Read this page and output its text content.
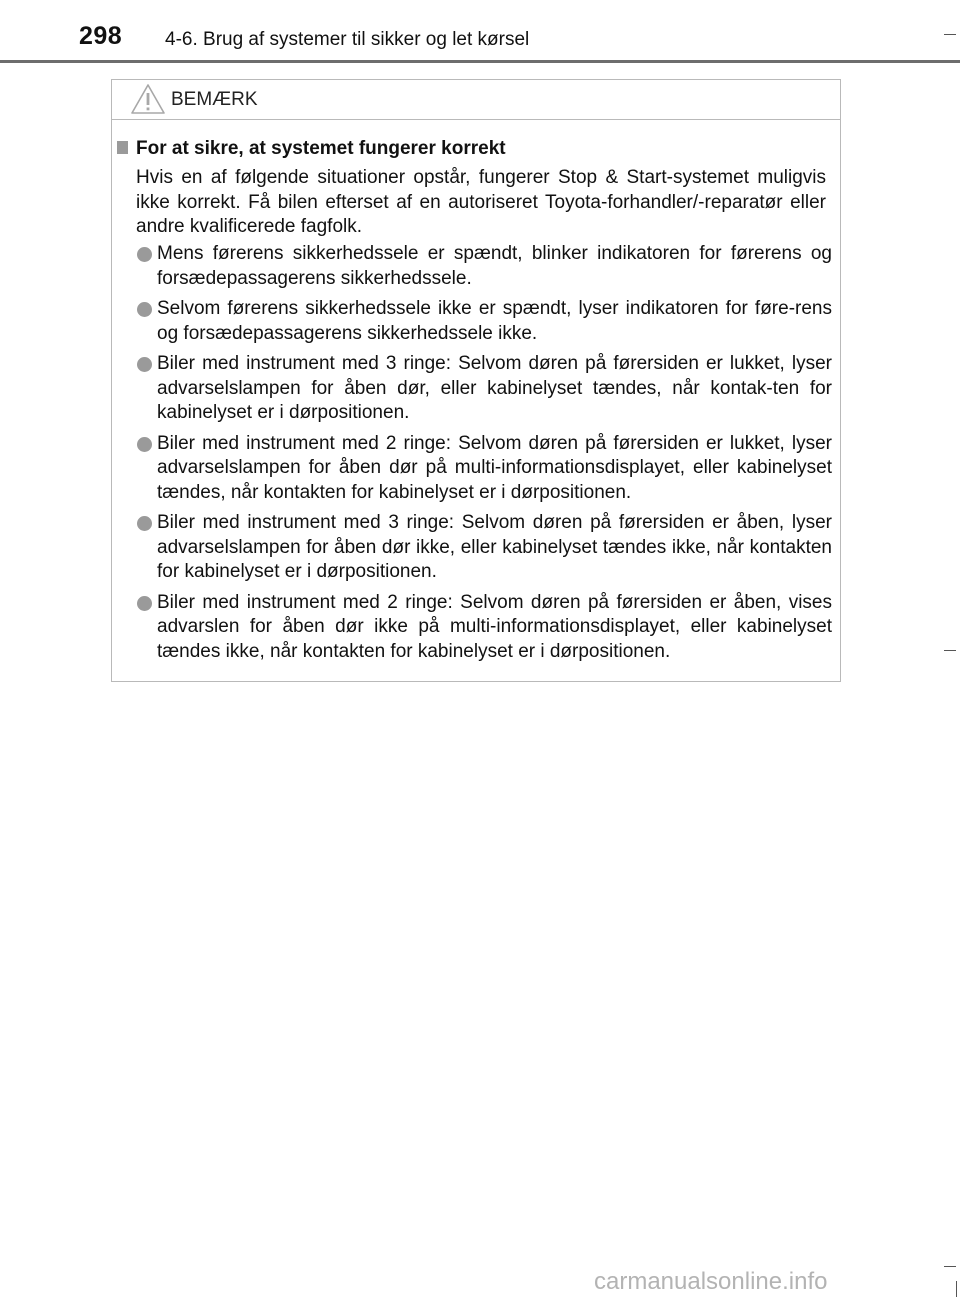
298 4-6. Brug af systemer til sikker og let kørsel
BEMÆRK
For at sikre, at systemet fungerer korrekt
Hvis en af følgende situationer opstår, fungerer Stop & Start-systemet muligvis ikke korrekt. Få bilen efterset af en autoriseret Toyota-forhandler/-reparatør eller andre kvalificerede fagfolk.
Mens førerens sikkerhedssele er spændt, blinker indikatoren for førerens og forsædepassagerens sikkerhedssele.
Selvom førerens sikkerhedssele ikke er spændt, lyser indikatoren for føre-rens og forsædepassagerens sikkerhedssele ikke.
Biler med instrument med 3 ringe: Selvom døren på førersiden er lukket, lyser advarselslampen for åben dør, eller kabinelyset tændes, når kontak-ten for kabinelyset er i dørpositionen.
Biler med instrument med 2 ringe: Selvom døren på førersiden er lukket, lyser advarselslampen for åben dør på multi-informationsdisplayet, eller kabinelyset tændes, når kontakten for kabinelyset er i dørpositionen.
Biler med instrument med 3 ringe: Selvom døren på førersiden er åben, lyser advarselslampen for åben dør ikke, eller kabinelyset tændes ikke, når kontakten for kabinelyset er i dørpositionen.
Biler med instrument med 2 ringe: Selvom døren på førersiden er åben, vises advarslen for åben dør ikke på multi-informationsdisplayet, eller kabinelyset tændes ikke, når kontakten for kabinelyset er i dørpositionen.
carmanualsonline.info
